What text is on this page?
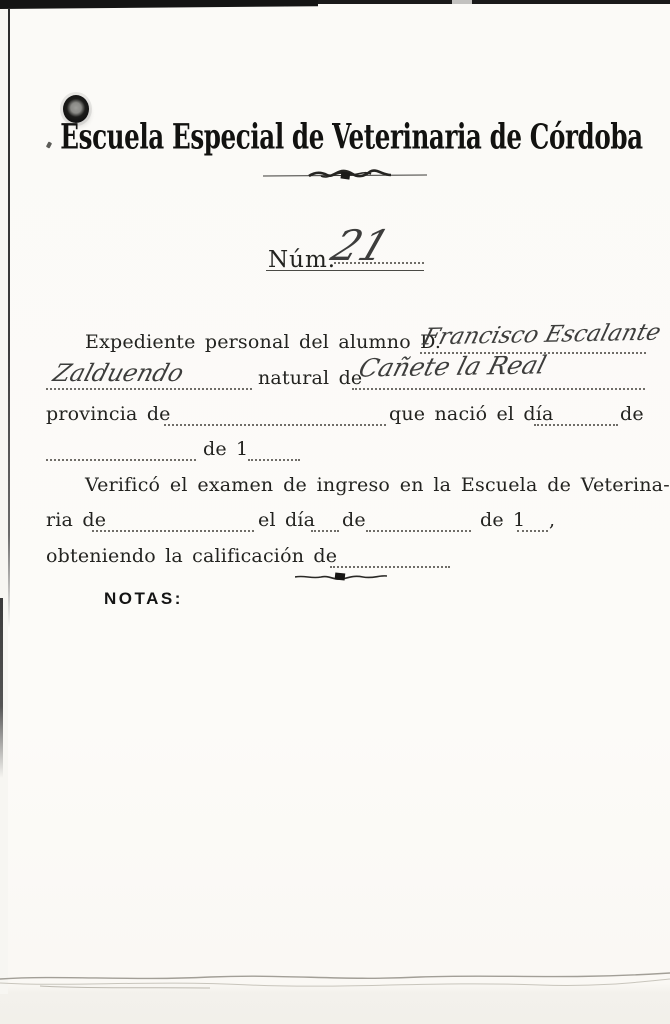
Escuela Especial de Veterinaria de Córdoba
Núm.
21
Expediente personal del alumno D.
Francisco Escalante
Zalduendo	natural de
Cañete la Real
provincia de	que nació el día	de
de 1
Verificó el examen de ingreso en la Escuela de Veterina-
ria de	el día de	de 1 ,
obteniendo la calificación de
NOTAS:
